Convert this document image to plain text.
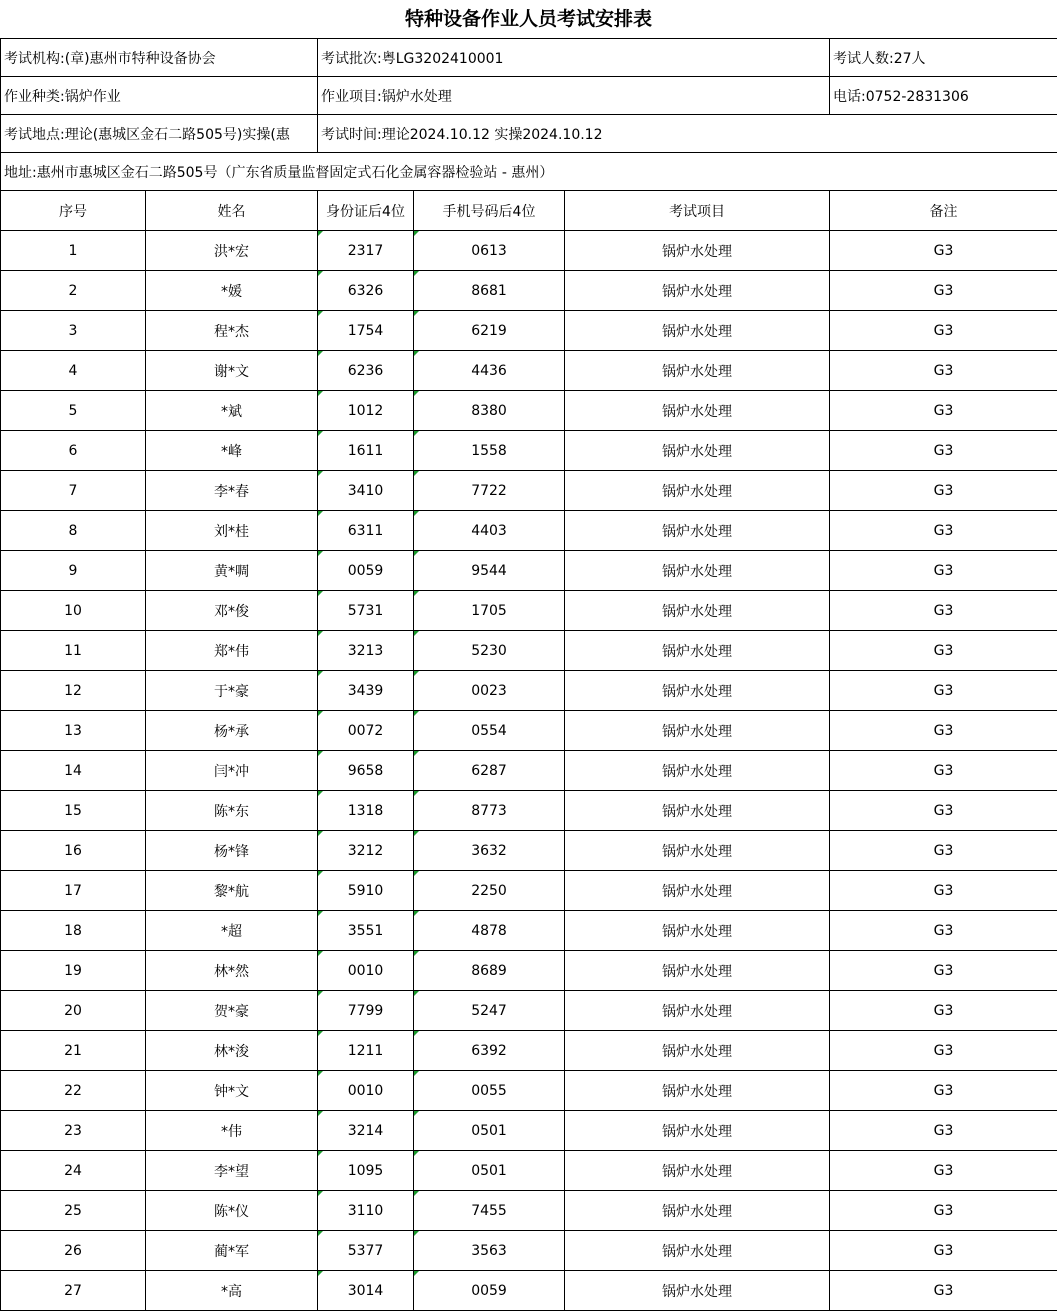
特种设备作业人员考试安排表
考试机构:(章)惠州市特种设备协会		考试批次:粤LG3202410001			考试人数:27人
作业种类:锅炉作业		作业项目:锅炉水处理			电话:0752-2831306

考试地点:理论(惠城区金石二路505号)实操(惠		考试时间:理论2024.10.12 实操2024.10.12			
地址:惠州市惠城区金石二路505号（广东省质量监督固定式石化金属容器检验站 - 惠州）					
序号	姓名	身份证后4位	手机号码后4位	考试项目	备注
1	洪*宏	2317	0613	锅炉水处理	G3
2	*媛	6326	8681	锅炉水处理	G3
3	程*杰	1754	6219	锅炉水处理	G3
4	谢*文	6236	4436	锅炉水处理	G3
5	*斌	1012	8380	锅炉水处理	G3
6	*峰	1611	1558	锅炉水处理	G3
7	李*春	3410	7722	锅炉水处理	G3
8	刘*桂	6311	4403	锅炉水处理	G3
9	黄*啁	0059	9544	锅炉水处理	G3
10	邓*俊	5731	1705	锅炉水处理	G3
11	郑*伟	3213	5230	锅炉水处理	G3
12	于*豪	3439	0023	锅炉水处理	G3
13	杨*承	0072	0554	锅炉水处理	G3
14	闫*冲	9658	6287	锅炉水处理	G3
15	陈*东	1318	8773	锅炉水处理	G3
16	杨*锋	3212	3632	锅炉水处理	G3
17	黎*航	5910	2250	锅炉水处理	G3
18	*超	3551	4878	锅炉水处理	G3
19	林*然	0010	8689	锅炉水处理	G3
20	贺*豪	7799	5247	锅炉水处理	G3
21	林*浚	1211	6392	锅炉水处理	G3
22	钟*文	0010	0055	锅炉水处理	G3
23	*伟	3214	0501	锅炉水处理	G3
24	李*望	1095	0501	锅炉水处理	G3
25	陈*仪	3110	7455	锅炉水处理	G3
26	蔺*军	5377	3563	锅炉水处理	G3
27	*高	3014	0059	锅炉水处理	G3
